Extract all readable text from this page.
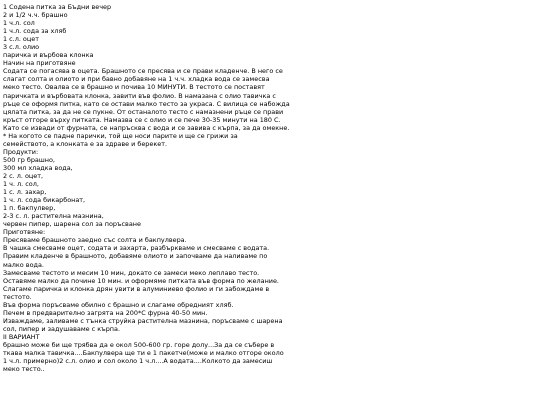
1 Содена питка за Бъдни вечер
2 и 1/2 ч.ч. брашно
1 ч.л. сол
1 ч.л. сода за хляб
1 с.л. оцет
3 с.л. олио
паричка и върбова клонка
Начин на приготвяне
Содата се погасява в оцета. Брашното се пресява и се прави кладенче. В него се
слагат солта и олиото и при бавно добавяне на 1 ч.ч. хладка вода се замесва
меко тесто. Овалва се в брашно и почива 10 МИНУТИ. В тестото се поставят
паричката и върбовата клонка, завити във фолио. В намазана с олио тавичка с
ръце се оформя питка, като се остави малко тесто за украса. С вилица се набожда
цялата питка, за да не се пукне. От останалото тесто с намазнени ръце се прави
кръст отгоре върху питката. Намазва се с олио и се пече 30-35 минути на 180 С.
Като се извади от фурната, се напръсква с вода и се завива с кърпа, за да омекне.
* На когото се падне парички, той ще носи парите и ще се грижи за
семейството, а клонката е за здраве и берекет.
Продукти:
500 гр брашно,
300 мл хладка вода,
2 с. л. оцет,
1 ч. л. сол,
1 с. л. захар,
1 ч. л. сода бикарбонат,
1 п. бакпулвер,
2-3 с. л. растителна мазнина,
червен пипер, шарена сол за поръсване
Приготвяне:
Пресяваме брашното заедно със солта и бакпулвера.
В чашка смесваме оцет, содата и захарта, разбъркваме и смесваме с водата.
Правим кладенче в брашното, добавяме олиото и започваме да наливаме по
малко вода.
Замесваме тестото и месим 10 мин, докато се замеси меко леплаво тесто.
Оставяме малко да почине 10 мин. и оформяме питката във форма по желание.
Слагаме паричка и клонка дрян увити в алуминиево фолио и ги забождаме в
тестото.
Във форма поръсваме обилно с брашно и слагаме обредният хляб.
Печем в предварително загрята на 200*С фурна 40-50 мин.
Изваждаме, заливаме с тънка струйка растителна мазнина, поръсваме с шарена
сол, пипер и задушаваме с кърпа.
II ВАРИАНТ
брашно може би ще трябва да е окол 500-600 гр. горе долу...За да се събере в
ткава малка тавичка....Бакпулвера ще ти е 1 пакетче(може и малко отгоре около
1 ч.л. примерно)2 с.л. олио и сол около 1 ч.л....А водата....Колкото да замесиш
меко тесто..
